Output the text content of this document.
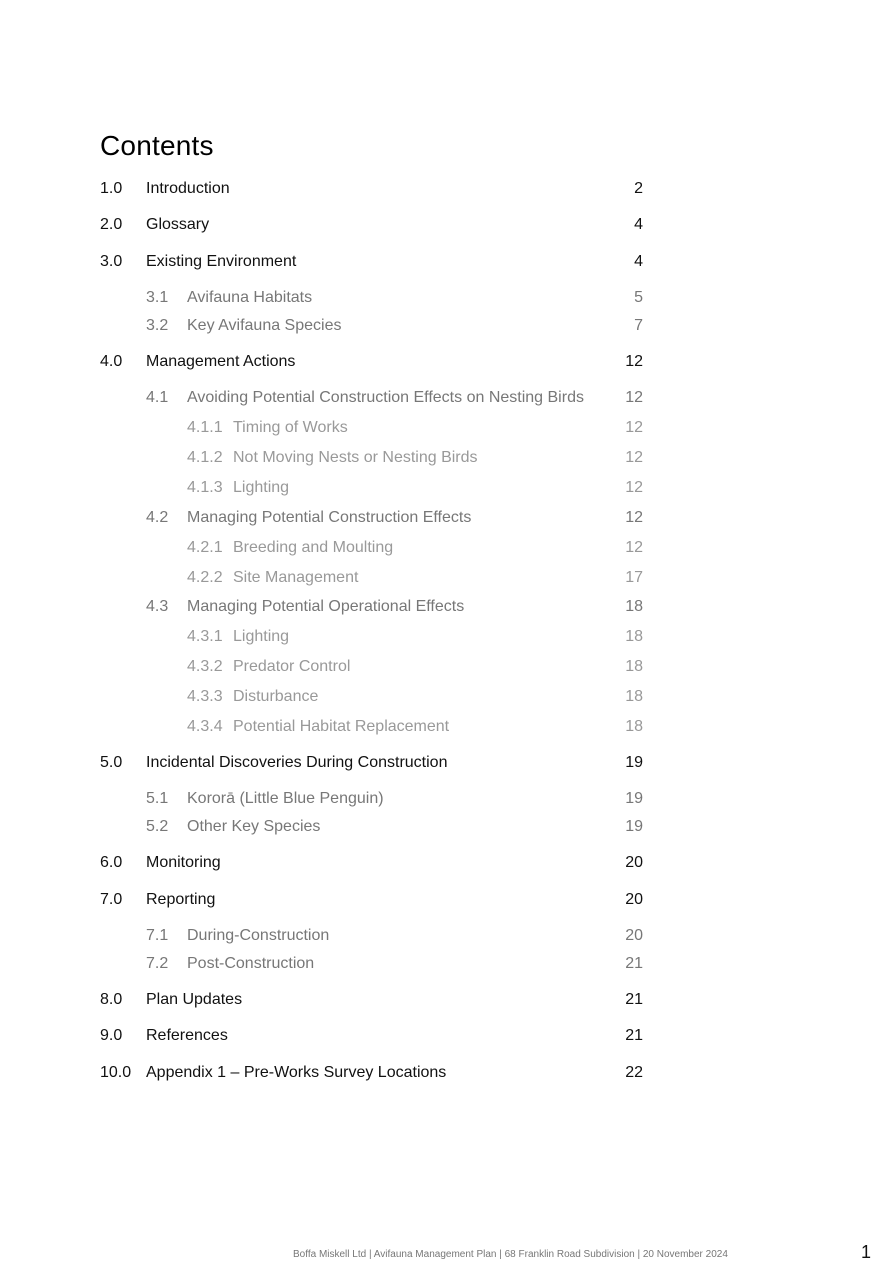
Contents
1.0 Introduction	2
2.0 Glossary	4
3.0 Existing Environment	4
3.1 Avifauna Habitats	5
3.2 Key Avifauna Species	7
4.0 Management Actions	12
4.1 Avoiding Potential Construction Effects on Nesting Birds	12
4.1.1 Timing of Works	12
4.1.2 Not Moving Nests or Nesting Birds	12
4.1.3 Lighting	12
4.2 Managing Potential Construction Effects	12
4.2.1 Breeding and Moulting	12
4.2.2 Site Management	17
4.3 Managing Potential Operational Effects	18
4.3.1 Lighting	18
4.3.2 Predator Control	18
4.3.3 Disturbance	18
4.3.4 Potential Habitat Replacement	18
5.0 Incidental Discoveries During Construction	19
5.1 Kororā (Little Blue Penguin)	19
5.2 Other Key Species	19
6.0 Monitoring	20
7.0 Reporting	20
7.1 During-Construction	20
7.2 Post-Construction	21
8.0 Plan Updates	21
9.0 References	21
10.0 Appendix 1 – Pre-Works Survey Locations	22
Boffa Miskell Ltd | Avifauna Management Plan | 68 Franklin Road Subdivision | 20 November 2024	1
